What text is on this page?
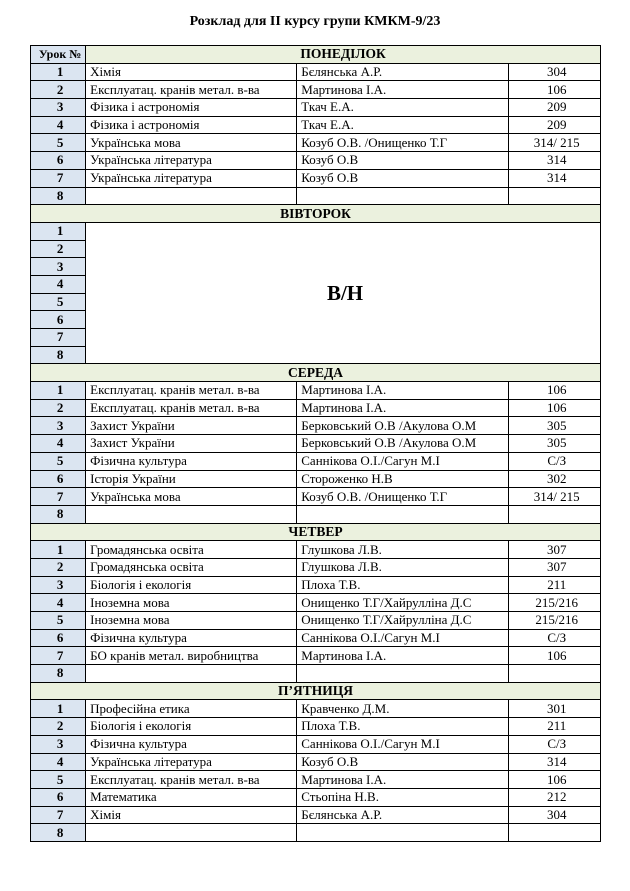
Розклад для ІІ курсу групи КМКМ-9/23
Урок №	ПОНЕДІЛОК		
1	Хімія	Бєлянська А.Р.	304
2	Експлуатац. кранів метал. в-ва	Мартинова І.А.	106
3	Фізика і астрономія	Ткач Е.А.	209
4	Фізика і астрономія	Ткач Е.А.	209
5	Українська мова	Козуб О.В. /Онищенко Т.Г	314/ 215
6	Українська література	Козуб О.В	314
7	Українська література	Козуб О.В	314
8			
ВІВТОРОК			
1	В/Н		
2			
3			
4			
5			
6			
7			
8			
СЕРЕДА			
1	Експлуатац. кранів метал. в-ва	Мартинова І.А.	106
2	Експлуатац. кранів метал. в-ва	Мартинова І.А.	106
3	Захист України	Берковський О.В /Акулова О.М	305
4	Захист України	Берковський О.В /Акулова О.М	305
5	Фізична культура	Саннікова О.І./Сагун М.І	С/З
6	Історія України	Стороженко Н.В	302
7	Українська мова	Козуб О.В. /Онищенко Т.Г	314/ 215
8			
ЧЕТВЕР			
1	Громадянська освіта	Глушкова Л.В.	307
2	Громадянська освіта	Глушкова Л.В.	307
3	Біологія і екологія	Плоха Т.В.	211
4	Іноземна мова	Онищенко Т.Г/Хайрулліна Д.С	215/216
5	Іноземна мова	Онищенко Т.Г/Хайрулліна Д.С	215/216
6	Фізична культура	Саннікова О.І./Сагун М.І	С/З
7	БО кранів метал. виробництва	Мартинова І.А.	106
8			
П’ЯТНИЦЯ			
1	Професійна етика	Кравченко Д.М.	301
2	Біологія і екологія	Плоха Т.В.	211
3	Фізична культура	Саннікова О.І./Сагун М.І	С/З
4	Українська література	Козуб О.В	314
5	Експлуатац. кранів метал. в-ва	Мартинова І.А.	106
6	Математика	Стьопіна Н.В.	212
7	Хімія	Бєлянська А.Р.	304
8			
